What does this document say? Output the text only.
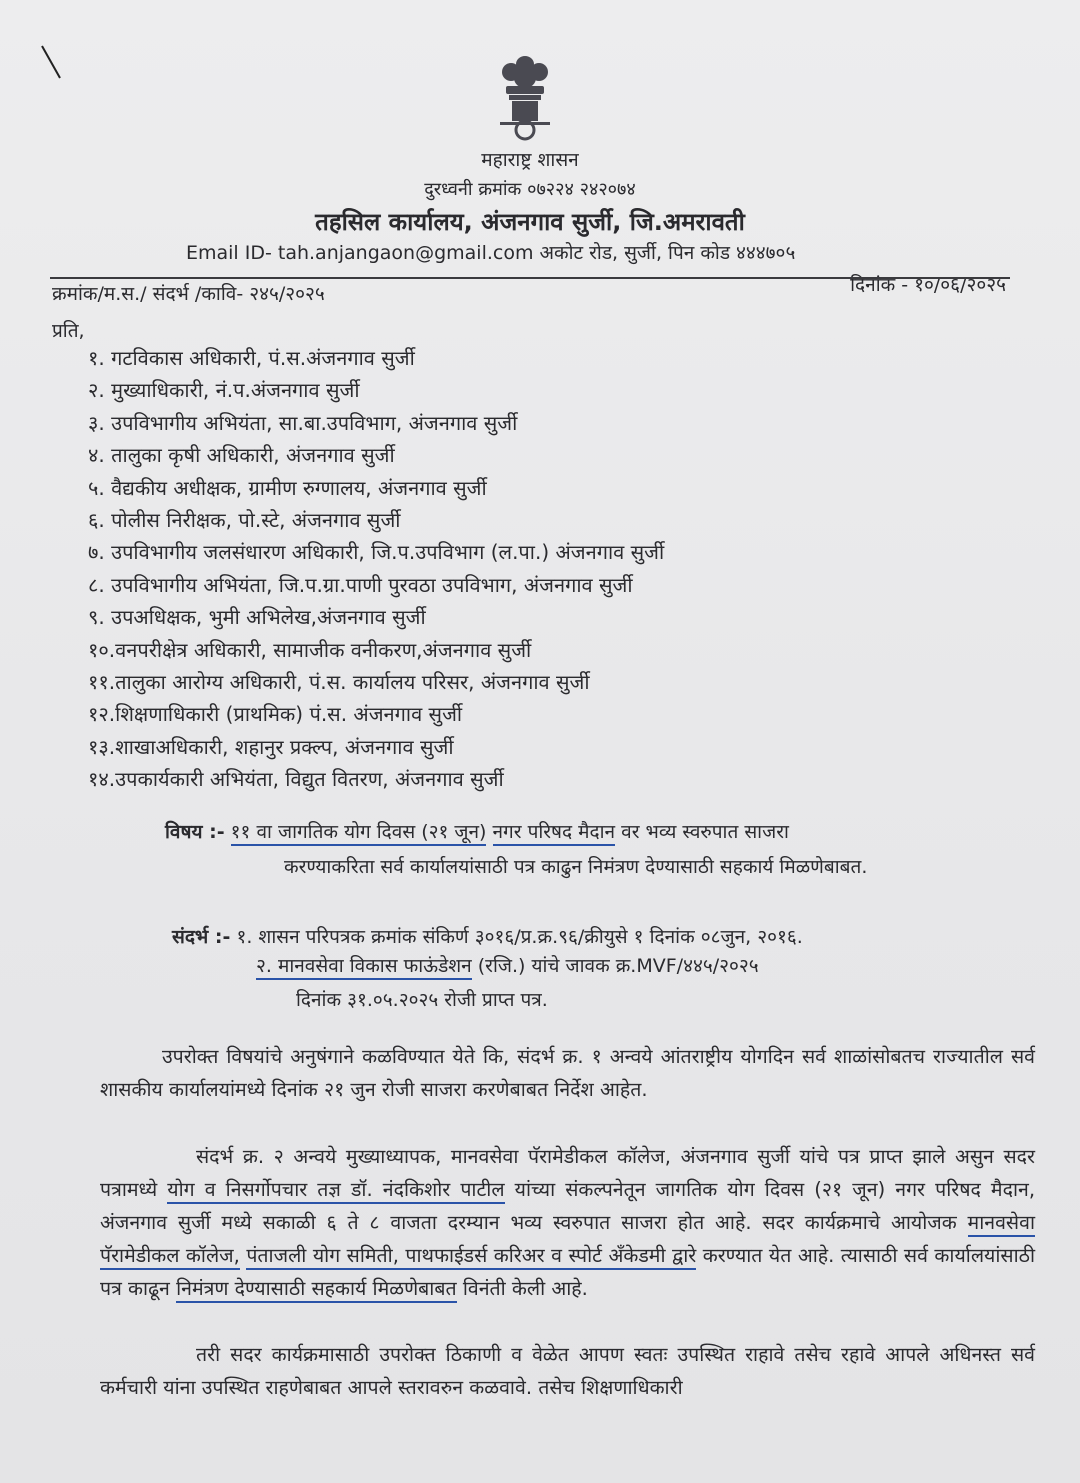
महाराष्ट्र शासन
दुरध्वनी क्रमांक ०७२२४ २४२०७४
तहसिल कार्यालय, अंजनगाव सुर्जी, जि.अमरावती
Email ID- tah.anjangaon@gmail.com अकोट रोड, सुर्जी, पिन कोड ४४४७०५
क्रमांक/म.स./ संदर्भ /कावि- २४५/२०२५	दिनांक - १०/०६/२०२५
प्रति,
१. गटविकास अधिकारी, पं.स.अंजनगाव सुर्जी
२. मुख्याधिकारी, नं.प.अंजनगाव सुर्जी
३. उपविभागीय अभियंता, सा.बा.उपविभाग, अंजनगाव सुर्जी
४. तालुका कृषी अधिकारी, अंजनगाव सुर्जी
५. वैद्यकीय अधीक्षक, ग्रामीण रुग्णालय, अंजनगाव सुर्जी
६. पोलीस निरीक्षक, पो.स्टे, अंजनगाव सुर्जी
७. उपविभागीय जलसंधारण अधिकारी, जि.प.उपविभाग (ल.पा.) अंजनगाव सुर्जी
८. उपविभागीय अभियंता, जि.प.ग्रा.पाणी पुरवठा उपविभाग, अंजनगाव सुर्जी
९. उपअधिक्षक, भुमी अभिलेख,अंजनगाव सुर्जी
१०.वनपरीक्षेत्र अधिकारी, सामाजीक वनीकरण,अंजनगाव सुर्जी
११.तालुका आरोग्य अधिकारी, पं.स. कार्यालय परिसर, अंजनगाव सुर्जी
१२.शिक्षणाधिकारी (प्राथमिक) पं.स. अंजनगाव सुर्जी
१३.शाखाअधिकारी, शहानुर प्रक्ल्प, अंजनगाव सुर्जी
१४.उपकार्यकारी अभियंता, विद्युत वितरण, अंजनगाव सुर्जी
विषय :- ११ वा जागतिक योग दिवस (२१ जून) नगर परिषद मैदान वर भव्य स्वरुपात साजरा
करण्याकरिता सर्व कार्यालयांसाठी पत्र काढुन निमंत्रण देण्यासाठी सहकार्य मिळणेबाबत.
संदर्भ :- १. शासन परिपत्रक क्रमांक संकिर्ण ३०१६/प्र.क्र.९६/क्रीयुसे १ दिनांक ०८जुन, २०१६.
२. मानवसेवा विकास फाऊंडेशन (रजि.) यांचे जावक क्र.MVF/४४५/२०२५
दिनांक ३१.०५.२०२५ रोजी प्राप्त पत्र.
उपरोक्त विषयांचे अनुषंगाने कळविण्यात येते कि, संदर्भ क्र. १ अन्वये आंतराष्ट्रीय योगदिन सर्व शाळांसोबतच राज्यातील सर्व शासकीय कार्यालयांमध्ये दिनांक २१ जुन रोजी साजरा करणेबाबत निर्देश आहेत.
संदर्भ क्र. २ अन्वये मुख्याध्यापक, मानवसेवा पॅरामेडीकल कॉलेज, अंजनगाव सुर्जी यांचे पत्र प्राप्त झाले असुन सदर पत्रामध्ये योग व निसर्गोपचार तज्ञ डॉ. नंदकिशोर पाटील यांच्या संकल्पनेतून जागतिक योग दिवस (२१ जून) नगर परिषद मैदान, अंजनगाव सुर्जी मध्ये सकाळी ६ ते ८ वाजता दरम्यान भव्य स्वरुपात साजरा होत आहे. सदर कार्यक्रमाचे आयोजक मानवसेवा पॅरामेडीकल कॉलेज, पंताजली योग समिती, पाथफाईडर्स करिअर व स्पोर्ट अँकेडमी द्वारे करण्यात येत आहे. त्यासाठी सर्व कार्यालयांसाठी पत्र काढून निमंत्रण देण्यासाठी सहकार्य मिळणेबाबत विनंती केली आहे.
तरी सदर कार्यक्रमासाठी उपरोक्त ठिकाणी व वेळेत आपण स्वतः उपस्थित राहावे तसेच रहावे आपले अधिनस्त सर्व कर्मचारी यांना उपस्थित राहणेबाबत आपले स्तरावरुन कळवावे. तसेच शिक्षणाधिकारी
